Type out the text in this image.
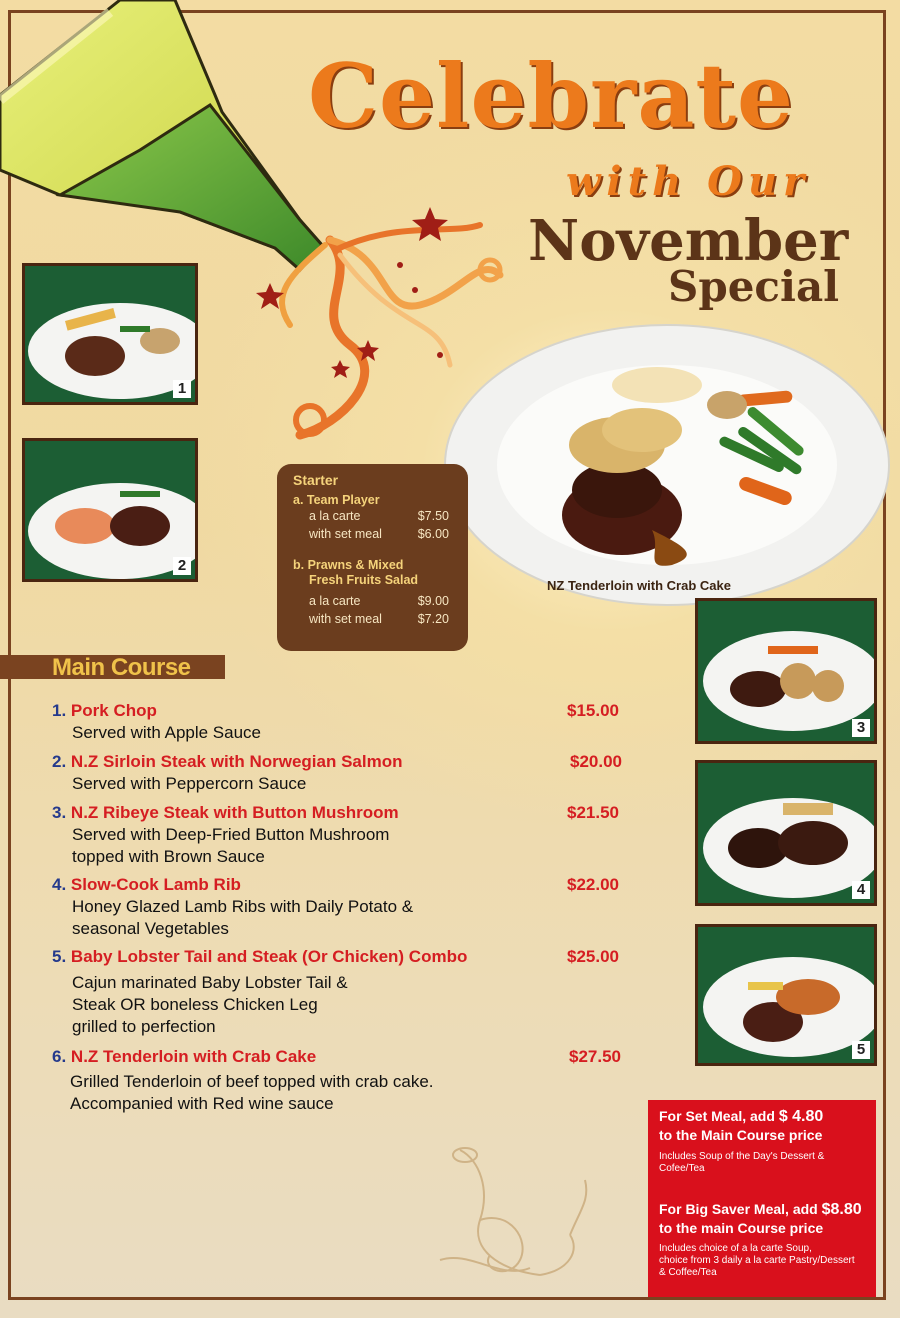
Celebrate
with Our
November
Special
NZ Tenderloin with Crab Cake
1
2
3
4
5
Starter
a. Team Player
a la carte	$7.50
with set meal	$6.00
b. Prawns & Mixed
Fresh Fruits Salad
a la carte	$9.00
with set meal	$7.20
Main Course
1. Pork Chop	$15.00
Served with Apple Sauce
2. N.Z Sirloin Steak with Norwegian Salmon	$20.00
Served with Peppercorn Sauce
3. N.Z Ribeye Steak with Button Mushroom	$21.50
Served with Deep-Fried Button Mushroom
topped with Brown Sauce
4. Slow-Cook Lamb Rib	$22.00
Honey Glazed Lamb Ribs with Daily Potato &
seasonal Vegetables
5. Baby Lobster Tail and Steak (Or Chicken) Combo	$25.00
Cajun marinated Baby Lobster Tail &
Steak OR boneless Chicken Leg
grilled to perfection
6. N.Z Tenderloin with Crab Cake	$27.50
Grilled Tenderloin of beef topped with crab cake.
Accompanied with Red wine sauce
For Set Meal, add $ 4.80
to the Main Course price
Includes Soup of the Day's Dessert &
Cofee/Tea
For Big Saver Meal, add $8.80
to the main Course price
Includes choice of a la carte Soup,
choice from 3 daily a la carte Pastry/Dessert
& Coffee/Tea
